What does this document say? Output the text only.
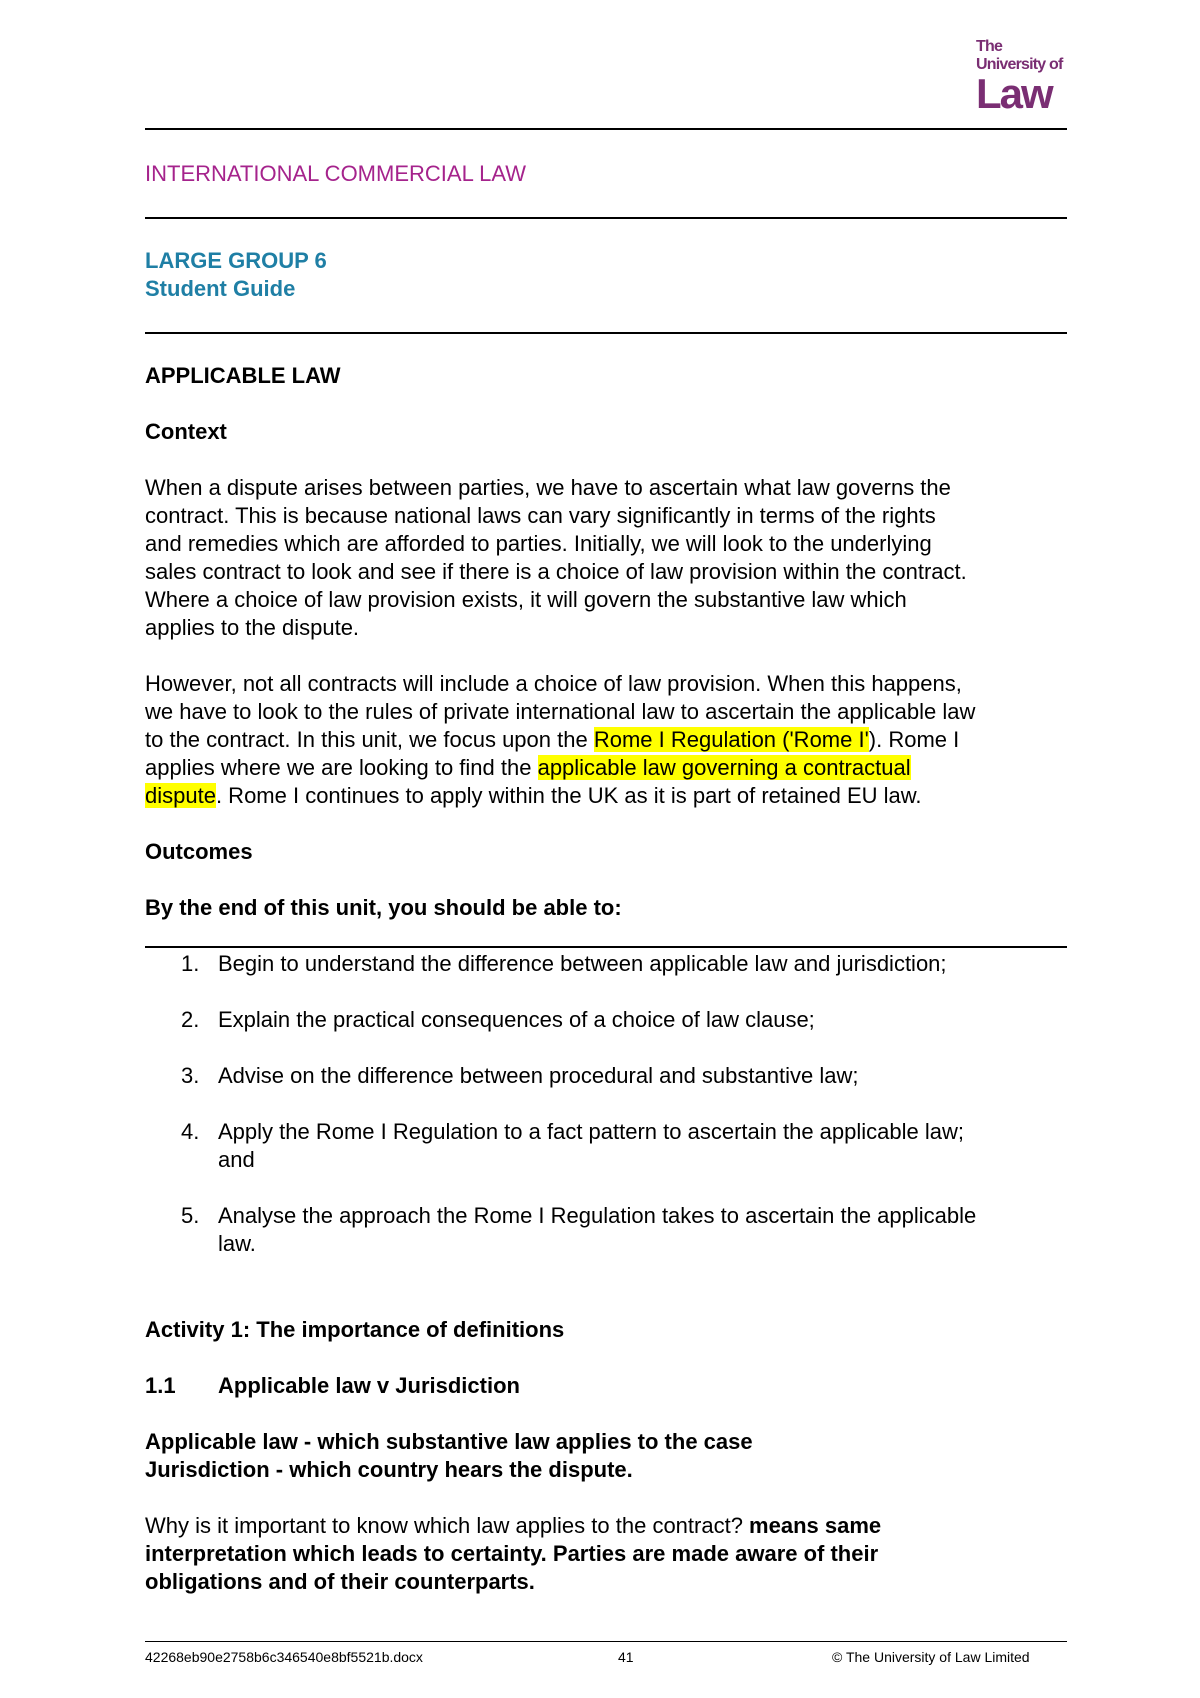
The
University of
Law
INTERNATIONAL COMMERCIAL LAW
LARGE GROUP 6
Student Guide
APPLICABLE LAW
Context
When a dispute arises between parties, we have to ascertain what law governs the
contract. This is because national laws can vary significantly in terms of the rights
and remedies which are afforded to parties. Initially, we will look to the underlying
sales contract to look and see if there is a choice of law provision within the contract.
Where a choice of law provision exists, it will govern the substantive law which
applies to the dispute.
However, not all contracts will include a choice of law provision. When this happens,
we have to look to the rules of private international law to ascertain the applicable law
to the contract. In this unit, we focus upon the Rome I Regulation ('Rome I'). Rome I
applies where we are looking to find the applicable law governing a contractual
dispute. Rome I continues to apply within the UK as it is part of retained EU law.
Outcomes
By the end of this unit, you should be able to:
1. Begin to understand the difference between applicable law and jurisdiction;
2. Explain the practical consequences of a choice of law clause;
3. Advise on the difference between procedural and substantive law;
4. Apply the Rome I Regulation to a fact pattern to ascertain the applicable law;
and
5. Analyse the approach the Rome I Regulation takes to ascertain the applicable
law.
Activity 1: The importance of definitions
1.1 Applicable law v Jurisdiction
Applicable law - which substantive law applies to the case
Jurisdiction - which country hears the dispute.
Why is it important to know which law applies to the contract? means same
interpretation which leads to certainty. Parties are made aware of their
obligations and of their counterparts.
42268eb90e2758b6c346540e8bf5521b.docx	41	© The University of Law Limited
